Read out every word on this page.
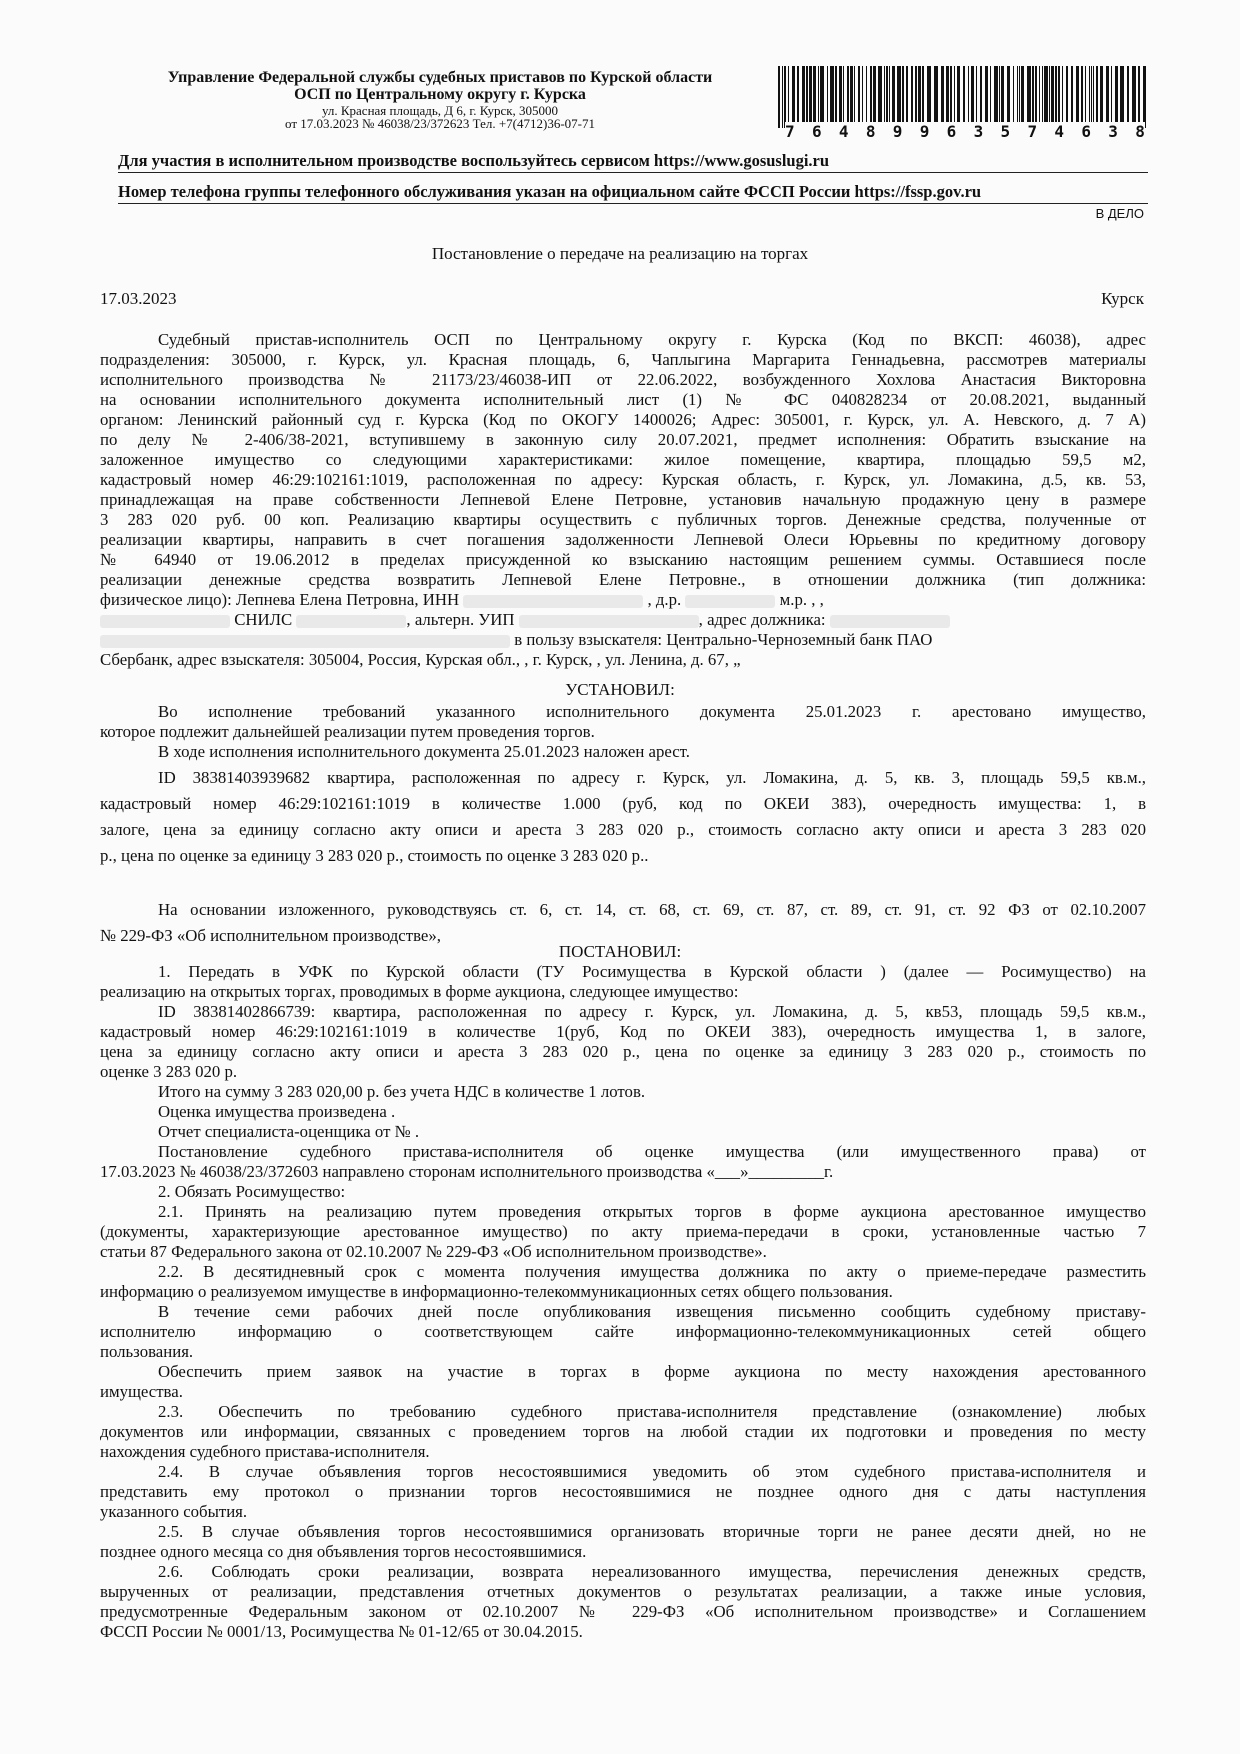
Управление Федеральной службы судебных приставов по Курской области
ОСП по Центральному округу г. Курска
ул. Красная площадь, Д 6, г. Курск, 305000
от 17.03.2023 № 46038/23/372623 Тел. +7(4712)36-07-71	7 6 4 8 9 9 6 3 5 7 4 6 3 8
Для участия в исполнительном производстве воспользуйтесь сервисом https://www.gosuslugi.ru
Номер телефона группы телефонного обслуживания указан на официальном сайте ФССП России https://fssp.gov.ru
В ДЕЛО
Постановление о передаче на реализацию на торгах
17.03.2023	Курск
Судебный пристав-исполнитель ОСП по Центральному округу г. Курска (Код по ВКСП: 46038), адрес
подразделения: 305000, г. Курск, ул. Красная площадь, 6, Чаплыгина Маргарита Геннадьевна, рассмотрев материалы
исполнительного производства № 21173/23/46038-ИП от 22.06.2022, возбужденного Хохлова Анастасия Викторовна
на основании исполнительного документа исполнительный лист (1) № ФС 040828234 от 20.08.2021, выданный
органом: Ленинский районный суд г. Курска (Код по ОКОГУ 1400026; Адрес: 305001, г. Курск, ул. А. Невского, д. 7 А)
по делу № 2-406/38-2021, вступившему в законную силу 20.07.2021, предмет исполнения: Обратить взыскание на
заложенное имущество со следующими характеристиками: жилое помещение, квартира, площадью 59,5 м2,
кадастровый номер 46:29:102161:1019, расположенная по адресу: Курская область, г. Курск, ул. Ломакина, д.5, кв. 53,
принадлежащая на праве собственности Лепневой Елене Петровне, установив начальную продажную цену в размере
3 283 020 руб. 00 коп. Реализацию квартиры осуществить с публичных торгов. Денежные средства, полученные от
реализации квартиры, направить в счет погашения задолженности Лепневой Олеси Юрьевны по кредитному договору
№ 64940 от 19.06.2012 в пределах присужденной ко взысканию настоящим решением суммы. Оставшиеся после
реализации денежные средства возвратить Лепневой Елене Петровне., в отношении должника (тип должника:
физическое лицо): Лепнева Елена Петровна, ИНН	, д.р.	м.р. , ,
СНИЛС	, альтерн. УИП	, адрес должника:
в пользу взыскателя: Центрально-Черноземный банк ПАО
Сбербанк, адрес взыскателя: 305004, Россия, Курская обл., , г. Курск, , ул. Ленина, д. 67, „
УСТАНОВИЛ:
Во исполнение требований указанного исполнительного документа 25.01.2023 г. арестовано имущество,
которое подлежит дальнейшей реализации путем проведения торгов.
В ходе исполнения исполнительного документа 25.01.2023 наложен арест.
ID 38381403939682 квартира, расположенная по адресу г. Курск, ул. Ломакина, д. 5, кв. 3, площадь 59,5 кв.м.,
кадастровый номер 46:29:102161:1019 в количестве 1.000 (руб, код по ОКЕИ 383), очередность имущества: 1, в
залоге, цена за единицу согласно акту описи и ареста 3 283 020 р., стоимость согласно акту описи и ареста 3 283 020
р., цена по оценке за единицу 3 283 020 р., стоимость по оценке 3 283 020 р..
На основании изложенного, руководствуясь ст. 6, ст. 14, ст. 68, ст. 69, ст. 87, ст. 89, ст. 91, ст. 92 ФЗ от 02.10.2007
№ 229-ФЗ «Об исполнительном производстве»,
ПОСТАНОВИЛ:
1. Передать в УФК по Курской области (ТУ Росимущества в Курской области ) (далее — Росимущество) на
реализацию на открытых торгах, проводимых в форме аукциона, следующее имущество:
ID 38381402866739: квартира, расположенная по адресу г. Курск, ул. Ломакина, д. 5, кв53, площадь 59,5 кв.м.,
кадастровый номер 46:29:102161:1019 в количестве 1(руб, Код по ОКЕИ 383), очередность имущества 1, в залоге,
цена за единицу согласно акту описи и ареста 3 283 020 р., цена по оценке за единицу 3 283 020 р., стоимость по
оценке 3 283 020 р.
Итого на сумму 3 283 020,00 р. без учета НДС в количестве 1 лотов.
Оценка имущества произведена .
Отчет специалиста-оценщика от № .
Постановление судебного пристава-исполнителя об оценке имущества (или имущественного права) от
17.03.2023 № 46038/23/372603 направлено сторонам исполнительного производства «___»_________г.
2. Обязать Росимущество:
2.1. Принять на реализацию путем проведения открытых торгов в форме аукциона арестованное имущество
(документы, характеризующие арестованное имущество) по акту приема-передачи в сроки, установленные частью 7
статьи 87 Федерального закона от 02.10.2007 № 229-ФЗ «Об исполнительном производстве».
2.2. В десятидневный срок с момента получения имущества должника по акту о приеме-передаче разместить
информацию о реализуемом имуществе в информационно-телекоммуникационных сетях общего пользования.
В течение семи рабочих дней после опубликования извещения письменно сообщить судебному приставу-
исполнителю информацию о соответствующем сайте информационно-телекоммуникационных сетей общего
пользования.
Обеспечить прием заявок на участие в торгах в форме аукциона по месту нахождения арестованного
имущества.
2.3. Обеспечить по требованию судебного пристава-исполнителя представление (ознакомление) любых
документов или информации, связанных с проведением торгов на любой стадии их подготовки и проведения по месту
нахождения судебного пристава-исполнителя.
2.4. В случае объявления торгов несостоявшимися уведомить об этом судебного пристава-исполнителя и
представить ему протокол о признании торгов несостоявшимися не позднее одного дня с даты наступления
указанного события.
2.5. В случае объявления торгов несостоявшимися организовать вторичные торги не ранее десяти дней, но не
позднее одного месяца со дня объявления торгов несостоявшимися.
2.6. Соблюдать сроки реализации, возврата нереализованного имущества, перечисления денежных средств,
вырученных от реализации, представления отчетных документов о результатах реализации, а также иные условия,
предусмотренные Федеральным законом от 02.10.2007 № 229-ФЗ «Об исполнительном производстве» и Соглашением
ФССП России № 0001/13, Росимущества № 01-12/65 от 30.04.2015.
